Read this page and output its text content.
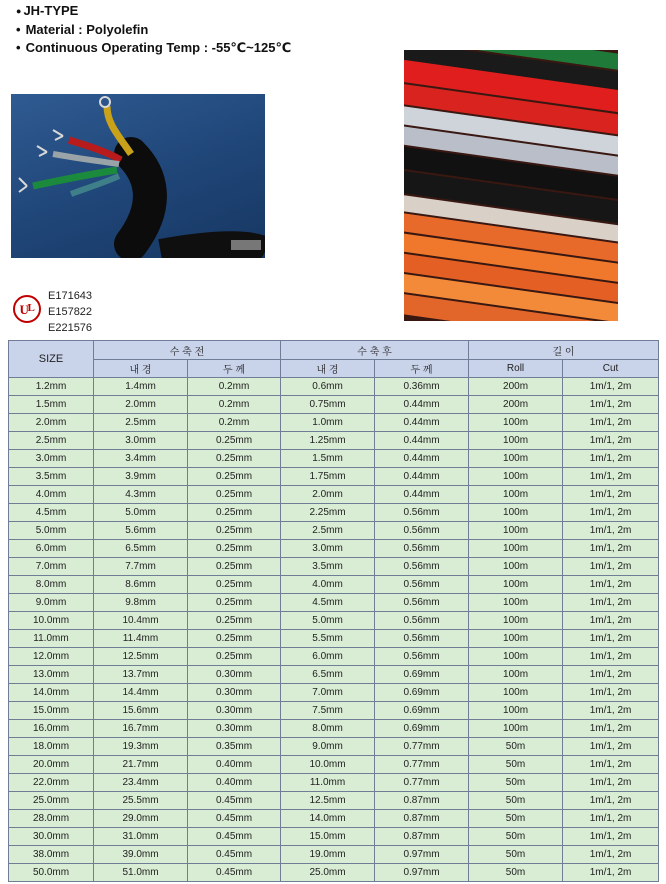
● JH-TYPE
• Material : Polyolefin
• Continuous Operating Temp : -55℃~125℃
U
L
E171643
E157822
E221576
SIZE	수 축 전		수 축 후		길 이	
	내 경	두 께	내 경	두 께	Roll	Cut
1.2mm	1.4mm	0.2mm	0.6mm	0.36mm	200m	1m/1, 2m
1.5mm	2.0mm	0.2mm	0.75mm	0.44mm	200m	1m/1, 2m
2.0mm	2.5mm	0.2mm	1.0mm	0.44mm	100m	1m/1, 2m
2.5mm	3.0mm	0.25mm	1.25mm	0.44mm	100m	1m/1, 2m
3.0mm	3.4mm	0.25mm	1.5mm	0.44mm	100m	1m/1, 2m
3.5mm	3.9mm	0.25mm	1.75mm	0.44mm	100m	1m/1, 2m
4.0mm	4.3mm	0.25mm	2.0mm	0.44mm	100m	1m/1, 2m
4.5mm	5.0mm	0.25mm	2.25mm	0.56mm	100m	1m/1, 2m
5.0mm	5.6mm	0.25mm	2.5mm	0.56mm	100m	1m/1, 2m
6.0mm	6.5mm	0.25mm	3.0mm	0.56mm	100m	1m/1, 2m
7.0mm	7.7mm	0.25mm	3.5mm	0.56mm	100m	1m/1, 2m
8.0mm	8.6mm	0.25mm	4.0mm	0.56mm	100m	1m/1, 2m
9.0mm	9.8mm	0.25mm	4.5mm	0.56mm	100m	1m/1, 2m
10.0mm	10.4mm	0.25mm	5.0mm	0.56mm	100m	1m/1, 2m
11.0mm	11.4mm	0.25mm	5.5mm	0.56mm	100m	1m/1, 2m
12.0mm	12.5mm	0.25mm	6.0mm	0.56mm	100m	1m/1, 2m
13.0mm	13.7mm	0.30mm	6.5mm	0.69mm	100m	1m/1, 2m
14.0mm	14.4mm	0.30mm	7.0mm	0.69mm	100m	1m/1, 2m
15.0mm	15.6mm	0.30mm	7.5mm	0.69mm	100m	1m/1, 2m
16.0mm	16.7mm	0.30mm	8.0mm	0.69mm	100m	1m/1, 2m
18.0mm	19.3mm	0.35mm	9.0mm	0.77mm	50m	1m/1, 2m
20.0mm	21.7mm	0.40mm	10.0mm	0.77mm	50m	1m/1, 2m
22.0mm	23.4mm	0.40mm	11.0mm	0.77mm	50m	1m/1, 2m
25.0mm	25.5mm	0.45mm	12.5mm	0.87mm	50m	1m/1, 2m
28.0mm	29.0mm	0.45mm	14.0mm	0.87mm	50m	1m/1, 2m
30.0mm	31.0mm	0.45mm	15.0mm	0.87mm	50m	1m/1, 2m
38.0mm	39.0mm	0.45mm	19.0mm	0.97mm	50m	1m/1, 2m
50.0mm	51.0mm	0.45mm	25.0mm	0.97mm	50m	1m/1, 2m
